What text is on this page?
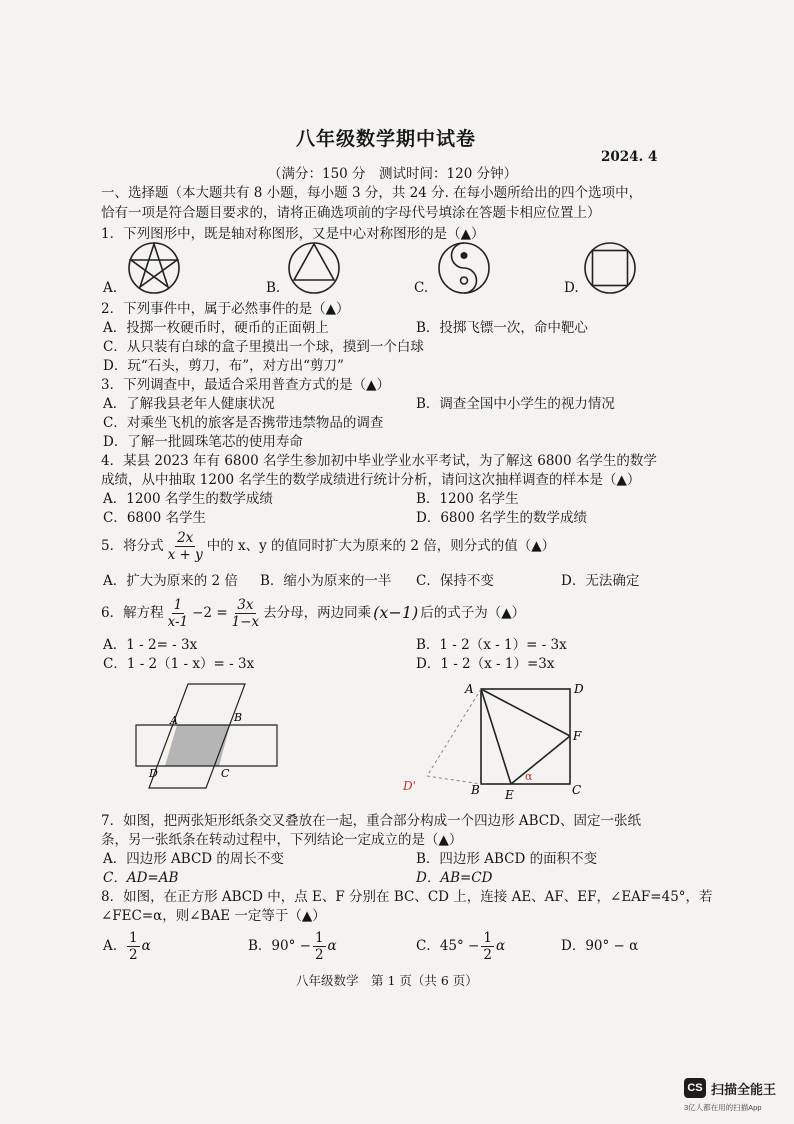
八年级数学期中试卷
2024. 4
（满分：150 分　测试时间：120 分钟）
一、选择题（本大题共有 8 小题，每小题 3 分，共 24 分. 在每小题所给出的四个选项中，
恰有一项是符合题目要求的，请将正确选项前的字母代号填涂在答题卡相应位置上）
1．下列图形中，既是轴对称图形，又是中心对称图形的是（▲）
A.	B.	C.	D.
2．下列事件中，属于必然事件的是（▲）
A．投掷一枚硬币时，硬币的正面朝上	B．投掷飞镖一次，命中靶心
C．从只装有白球的盒子里摸出一个球，摸到一个白球
D．玩“石头，剪刀，布”，对方出“剪刀”
3．下列调查中，最适合采用普查方式的是（▲）
A．了解我县老年人健康状况	B．调查全国中小学生的视力情况
C．对乘坐飞机的旅客是否携带违禁物品的调查
D．了解一批圆珠笔芯的使用寿命
4．某县 2023 年有 6800 名学生参加初中毕业学业水平考试，为了解这 6800 名学生的数学
成绩，从中抽取 1200 名学生的数学成绩进行统计分析，请问这次抽样调查的样本是（▲）
A．1200 名学生的数学成绩	B．1200 名学生
C．6800 名学生	D．6800 名学生的数学成绩
5．将分式 $\frac{2x}{x + y}$ 中的 x、y 的值同时扩大为原来的 2 倍，则分式的值（▲）
A．扩大为原来的 2 倍 B．缩小为原来的一半 C．保持不变	D．无法确定
6．解方程 $\frac{1}{x-1} -2 = \frac{3x}{1-x}$ 去分母，两边同乘 (x−1) 后的式子为（▲）
A．1 - 2= - 3x	B．1 - 2（x - 1）= - 3x
C．1 - 2（1 - x）= - 3x	D．1 - 2（x - 1）=3x
A	B
C
D
A	D
F
E	C
B
D'
α
7．如图，把两张矩形纸条交叉叠放在一起，重合部分构成一个四边形 ABCD、固定一张纸
条，另一张纸条在转动过程中，下列结论一定成立的是（▲）
A．四边形 ABCD 的周长不变	B．四边形 ABCD 的面积不变
C．AD=AB	D．AB=CD
8．如图，在正方形 ABCD 中，点 E、F 分别在 BC、CD 上，连接 AE、AF、EF，∠EAF=45°，若
∠FEC=α，则∠BAE 一定等于（▲）
A. $\frac{1}{2}$ α	B．$90^\circ - \frac{1}{2}$ α	C．$45^\circ - \frac{1}{2}$ α	D．90° − α
八年级数学　第 1 页（共 6 页）
CS 扫描全能王
3亿人都在用的扫描App
